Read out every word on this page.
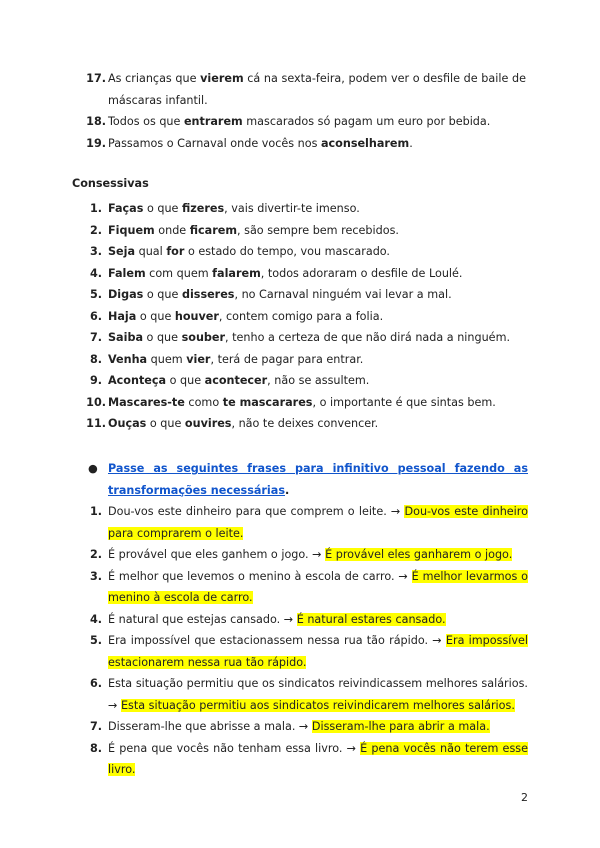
17. As crianças que vierem cá na sexta-feira, podem ver o desfile de baile de máscaras infantil.
18. Todos os que entrarem mascarados só pagam um euro por bebida.
19. Passamos o Carnaval onde vocês nos aconselharem.
Consessivas
1. Faças o que fizeres, vais divertir-te imenso.
2. Fiquem onde ficarem, são sempre bem recebidos.
3. Seja qual for o estado do tempo, vou mascarado.
4. Falem com quem falarem, todos adoraram o desfile de Loulé.
5. Digas o que disseres, no Carnaval ninguém vai levar a mal.
6. Haja o que houver, contem comigo para a folia.
7. Saiba o que souber, tenho a certeza de que não dirá nada a ninguém.
8. Venha quem vier, terá de pagar para entrar.
9. Aconteça o que acontecer, não se assultem.
10. Mascares-te como te mascarares, o importante é que sintas bem.
11. Ouças o que ouvires, não te deixes convencer.
● Passe as seguintes frases para infinitivo pessoal fazendo as transformações necessárias.
1. Dou-vos este dinheiro para que comprem o leite. → Dou-vos este dinheiro para comprarem o leite.
2. É provável que eles ganhem o jogo. → É provável eles ganharem o jogo.
3. É melhor que levemos o menino à escola de carro. → É melhor levarmos o menino à escola de carro.
4. É natural que estejas cansado. → É natural estares cansado.
5. Era impossível que estacionassem nessa rua tão rápido. → Era impossível estacionarem nessa rua tão rápido.
6. Esta situação permitiu que os sindicatos reivindicassem melhores salários. → Esta situação permitiu aos sindicatos reivindicarem melhores salários.
7. Disseram-lhe que abrisse a mala. → Disseram-lhe para abrir a mala.
8. É pena que vocês não tenham essa livro. → É pena vocês não terem esse livro.
2
